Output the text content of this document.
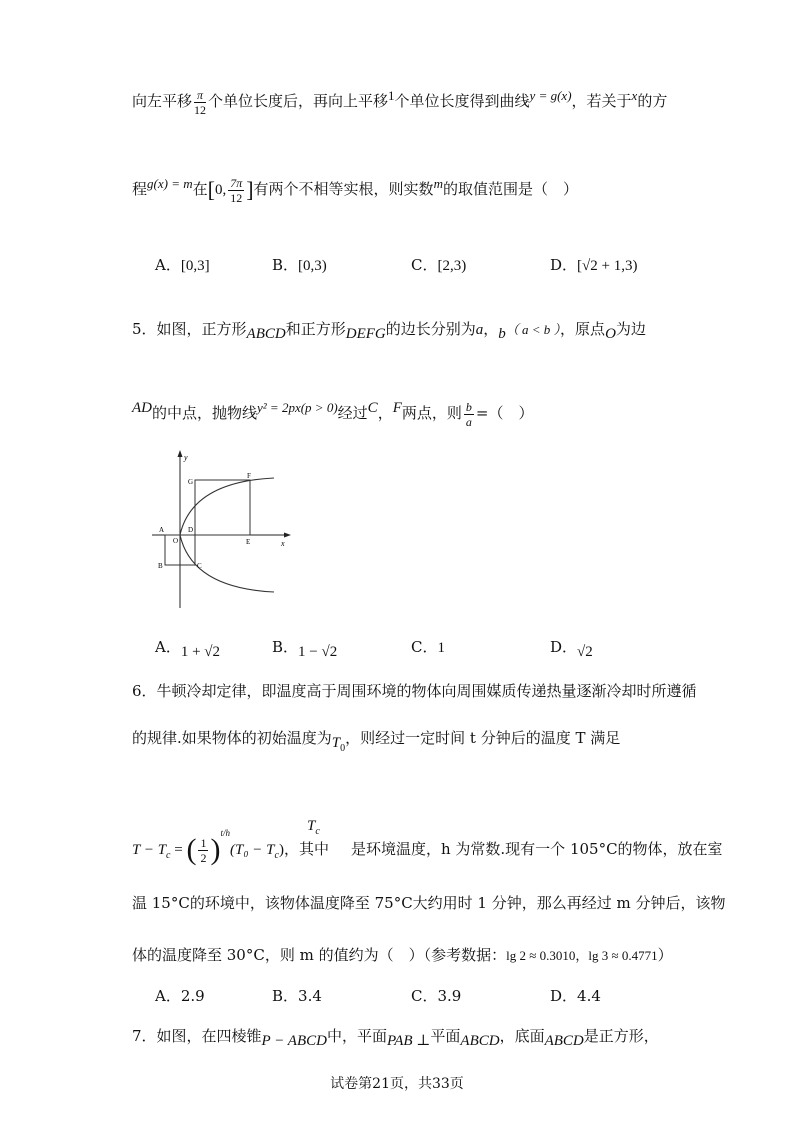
向左平移 $\frac{\pi}{12}$ 个单位长度后，再向上平移1个单位长度得到曲线y = g(x)，若关于x的方
程g(x) = m在[0, $\frac{7\pi}{12}$ ]有两个不相等实根，则实数m的取值范围是（　）
A．[0,3]	B．[0,3)	C．[2,3)	D．[√2 + 1,3)
5．如图，正方形ABCD和正方形DEFG的边长分别为a，b（ a < b ），原点O为边
AD的中点，抛物线y² = 2px(p > 0)经过C，F两点，则 $\frac{b}{a}$ =（　）
y
x
G
F
A
O
D
E
B	C
A．1 + √2	B．1 − √2	C．1	D．√2
6．牛顿冷却定律，即温度高于周围环境的物体向周围媒质传递热量逐渐冷却时所遵循
的规律.如果物体的初始温度为$T_0$，则经过一定时间 t 分钟后的温度 T 满足
$T_c$
$T - T_c$ = ( $\frac{1}{2} )^{t/h}(T_0 - T_c)$，其中 是环境温度，h 为常数.现有一个 105°C的物体，放在室
温 15°C的环境中，该物体温度降至 75°C大约用时 1 分钟，那么再经过 m 分钟后，该物
体的温度降至 30°C，则 m 的值约为（　）（参考数据：lg 2 ≈ 0.3010，lg 3 ≈ 0.4771）
A．2.9	B．3.4	C．3.9	D．4.4
7．如图，在四棱锥P − ABCD中，平面PAB ⊥平面ABCD，底面ABCD是正方形，
试卷第21页，共33页
